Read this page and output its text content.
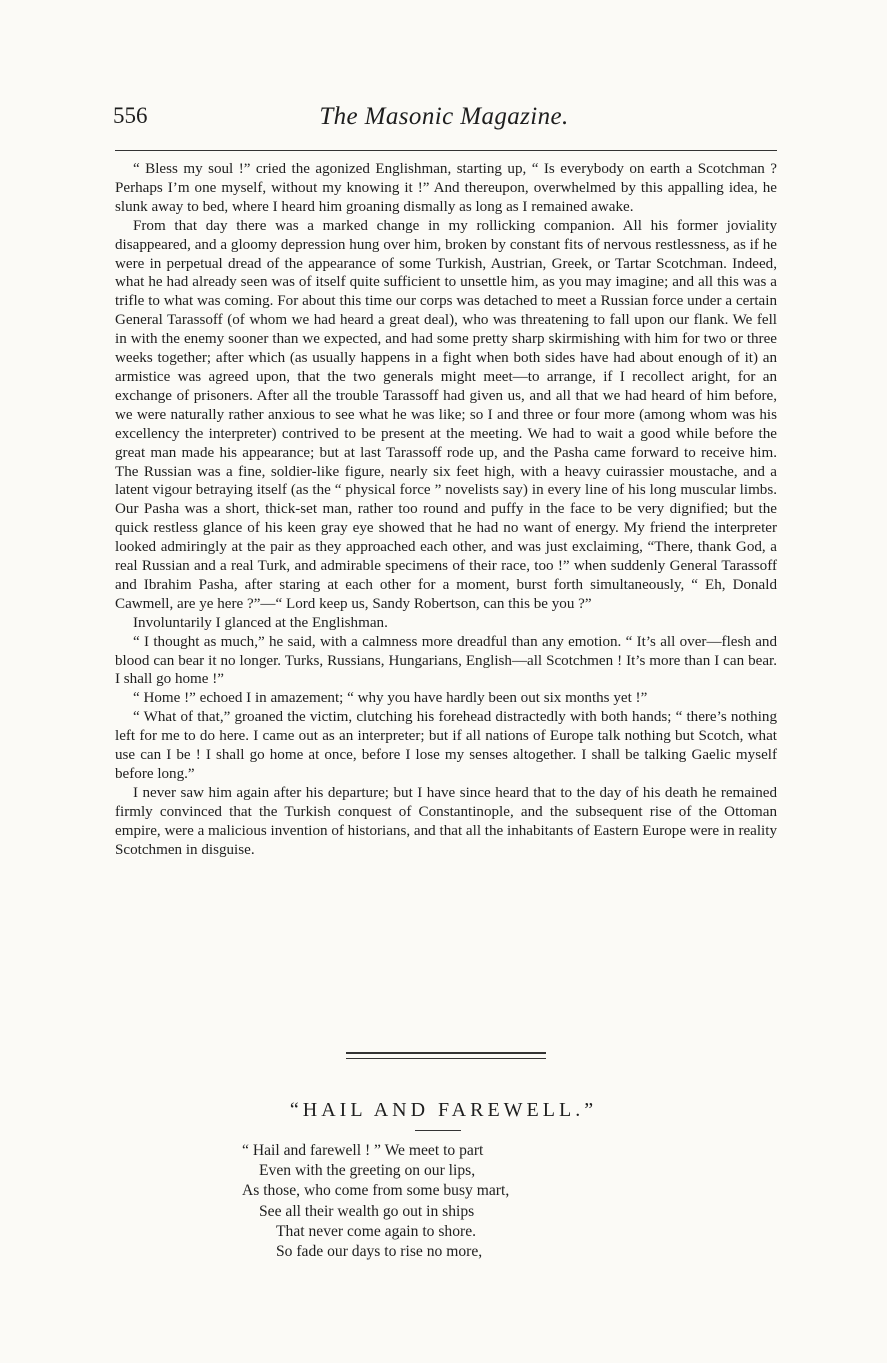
556	The Masonic Magazine.

“ Bless my soul !” cried the agonized Englishman, starting up, “ Is everybody on earth a Scotchman ? Perhaps I’m one myself, without my knowing it !” And thereupon, overwhelmed by this appalling idea, he slunk away to bed, where I heard him groaning dismally as long as I remained awake.

From that day there was a marked change in my rollicking companion. All his former joviality disappeared, and a gloomy depression hung over him, broken by constant fits of nervous restlessness, as if he were in perpetual dread of the appearance of some Turkish, Austrian, Greek, or Tartar Scotchman. Indeed, what he had already seen was of itself quite sufficient to unsettle him, as you may imagine; and all this was a trifle to what was coming. For about this time our corps was detached to meet a Russian force under a certain General Tarassoff (of whom we had heard a great deal), who was threatening to fall upon our flank. We fell in with the enemy sooner than we expected, and had some pretty sharp skirmishing with him for two or three weeks together; after which (as usually happens in a fight when both sides have had about enough of it) an armistice was agreed upon, that the two generals might meet—to arrange, if I recollect aright, for an exchange of prisoners. After all the trouble Tarassoff had given us, and all that we had heard of him before, we were naturally rather anxious to see what he was like; so I and three or four more (among whom was his excellency the interpreter) contrived to be present at the meeting. We had to wait a good while before the great man made his appearance; but at last Tarassoff rode up, and the Pasha came forward to receive him. The Russian was a fine, soldier-like figure, nearly six feet high, with a heavy cuirassier moustache, and a latent vigour betraying itself (as the “ physical force ” novelists say) in every line of his long muscular limbs. Our Pasha was a short, thick-set man, rather too round and puffy in the face to be very dignified; but the quick restless glance of his keen gray eye showed that he had no want of energy. My friend the interpreter looked admiringly at the pair as they approached each other, and was just exclaiming, “There, thank God, a real Russian and a real Turk, and admirable specimens of their race, too !” when suddenly General Tarassoff and Ibrahim Pasha, after staring at each other for a moment, burst forth simultaneously, “ Eh, Donald Cawmell, are ye here ?”—“ Lord keep us, Sandy Robertson, can this be you ?”

Involuntarily I glanced at the Englishman.

“ I thought as much,” he said, with a calmness more dreadful than any emotion. “ It’s all over—flesh and blood can bear it no longer. Turks, Russians, Hungarians, English—all Scotchmen ! It’s more than I can bear. I shall go home !”

“ Home !” echoed I in amazement; “ why you have hardly been out six months yet !”

“ What of that,” groaned the victim, clutching his forehead distractedly with both hands; “ there’s nothing left for me to do here. I came out as an interpreter; but if all nations of Europe talk nothing but Scotch, what use can I be ! I shall go home at once, before I lose my senses altogether. I shall be talking Gaelic myself before long.”

I never saw him again after his departure; but I have since heard that to the day of his death he remained firmly convinced that the Turkish conquest of Constantinople, and the subsequent rise of the Ottoman empire, were a malicious invention of historians, and that all the inhabitants of Eastern Europe were in reality Scotchmen in disguise.

“HAIL AND FAREWELL.”
“ Hail and farewell ! ” We meet to part
Even with the greeting on our lips,
As those, who come from some busy mart,
See all their wealth go out in ships
That never come again to shore.
So fade our days to rise no more,
